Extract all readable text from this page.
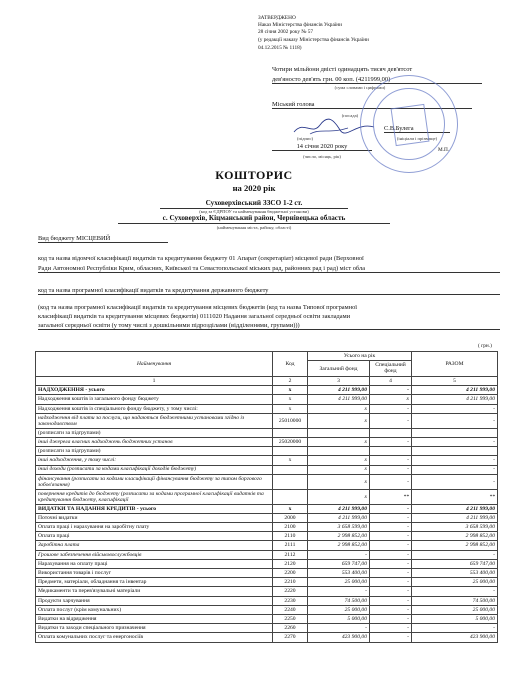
ЗАТВЕРДЖЕНО
Наказ Міністерства фінансів України
28 січня 2002 року № 57
(у редакції наказу Міністерства фінансів України
04.12.2015 № 1118)
Чотири мільйони двісті одинадцять тисяч дев'ятсот
дев'яносто дев'ять грн. 00 коп. (4211999,00)
(сума словами і цифрами)
Міський голова
(посада)
(підпис)
С.В.Булега
(ініціали і прізвище)
14 січня 2020 року
(число, місяць, рік)
М.П.
КОШТОРИС
на 2020 рік
Суховерхівський ЗЗСО 1-2 ст.
(код за ЄДРПОУ та найменування бюджетної установи)
с. Суховерхів, Кіцманський район, Чернівецька область
(найменування міста, району, області)
Вид бюджету МІСЦЕВИЙ
код та назва відомчої класифікації видатків та кредитування бюджету 01 Апарат (секретаріат) місцевої ради (Верховної
Ради Автономної Республіки Крим, обласних, Київської та Севастопольської міських рад, районних рад і рад) міст обла
код та назва програмної класифікації видатків та кредитування державного бюджету
(код та назва програмної класифікації видатків та кредитування місцевих бюджетів (код та назва Типової програмної
класифікації видатків та кредитування місцевих бюджетів) 0111020 Надання загальної середньої освіти закладами
загальної середньої освіти (у тому числі з дошкільними підрозділами (відділеннями, групами)))
( грн.)
Найменування	Код	Усього на рік		РАЗОМ
		Загальний фонд	Спеціальний фонд	
1	2	3	4	5
НАДХОДЖЕННЯ - усього	х	4 211 999,00	-	4 211 999,00
Надходження коштів із загального фонду бюджету	х	4 211 999,00	х	4 211 999,00
Надходження коштів із спеціального фонду бюджету, у тому числі:	х	х	-	-
надходження від плати за послуги, що надаються бюджетними установами згідно із законодавством	25010000	х	-	-
(розписати за підгрупами)				
інші джерела власних надходжень бюджетних установ	25020000	х	-	-
(розписати за підгрупами)				
інші надходження, у тому числі:	х	х	-	-
інші доходи (розписати за кодами класифікації доходів бюджету)		х	-	-
фінансування (розписати за кодами класифікації фінансування бюджету за типом боргового зобов'язання)		х	-	-
повернення кредитів до бюджету (розписати за кодами програмної класифікації видатків та кредитування бюджету, класифікації		х	**	**
ВИДАТКИ ТА НАДАННЯ КРЕДИТІВ - усього	х	4 211 999,00	-	4 211 999,00
Поточні видатки	2000	4 211 999,00	-	4 211 999,00
Оплата праці і нарахування на заробітну плату	2100	3 658 599,00	-	3 658 599,00
Оплата праці	2110	2 998 852,00	-	2 998 852,00
Заробітна плата	2111	2 998 852,00	-	2 998 852,00
Грошове забезпечення військовослужбовців	2112	-	-	-
Нарахування на оплату праці	2120	659 747,00	-	659 747,00
Використання товарів і послуг	2200	553 400,00	-	553 400,00
Предмети, матеріали, обладнання та інвентар	2210	25 000,00	-	25 000,00
Медикаменти та перев'язувальні матеріали	2220	-	-	-
Продукти харчування	2230	74 500,00	-	74 500,00
Оплата послуг (крім комунальних)	2240	25 000,00	-	25 000,00
Видатки на відрядження	2250	5 000,00	-	5 000,00
Видатки та заходи спеціального призначення	2260	-	-	-
Оплата комунальних послуг та енергоносіїв	2270	423 900,00	-	423 900,00
